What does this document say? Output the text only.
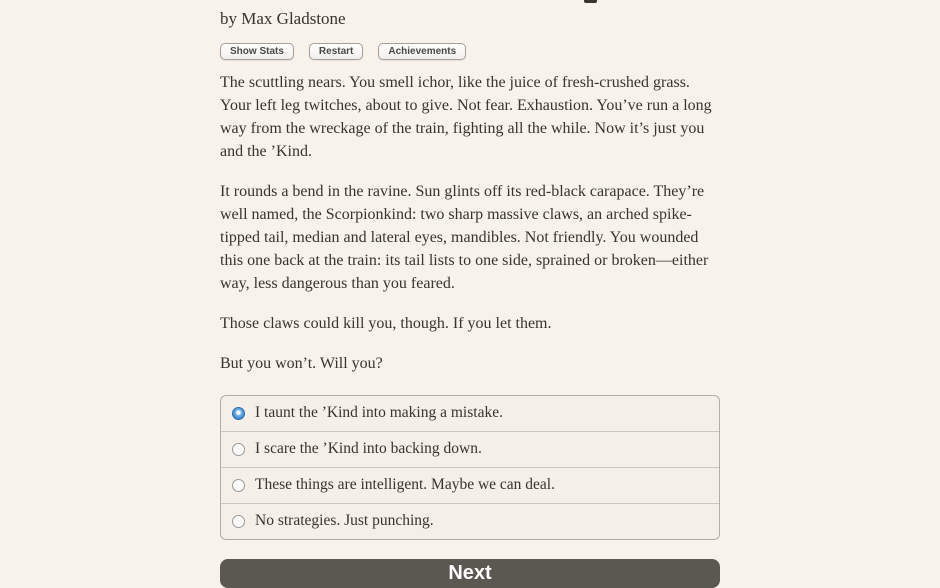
by Max Gladstone
Show Stats	Restart	Achievements

The scuttling nears. You smell ichor, like the juice of fresh-crushed grass. Your left leg twitches, about to give. Not fear. Exhaustion. You’ve run a long way from the wreckage of the train, fighting all the while. Now it’s just you and the ’Kind.

It rounds a bend in the ravine. Sun glints off its red-black carapace. They’re well named, the Scorpionkind: two sharp massive claws, an arched spike-tipped tail, median and lateral eyes, mandibles. Not friendly. You wounded this one back at the train: its tail lists to one side, sprained or broken—either way, less dangerous than you feared.

Those claws could kill you, though. If you let them.

But you won’t. Will you?

I taunt the ’Kind into making a mistake.
I scare the ’Kind into backing down.
These things are intelligent. Maybe we can deal.
No strategies. Just punching.
Next
